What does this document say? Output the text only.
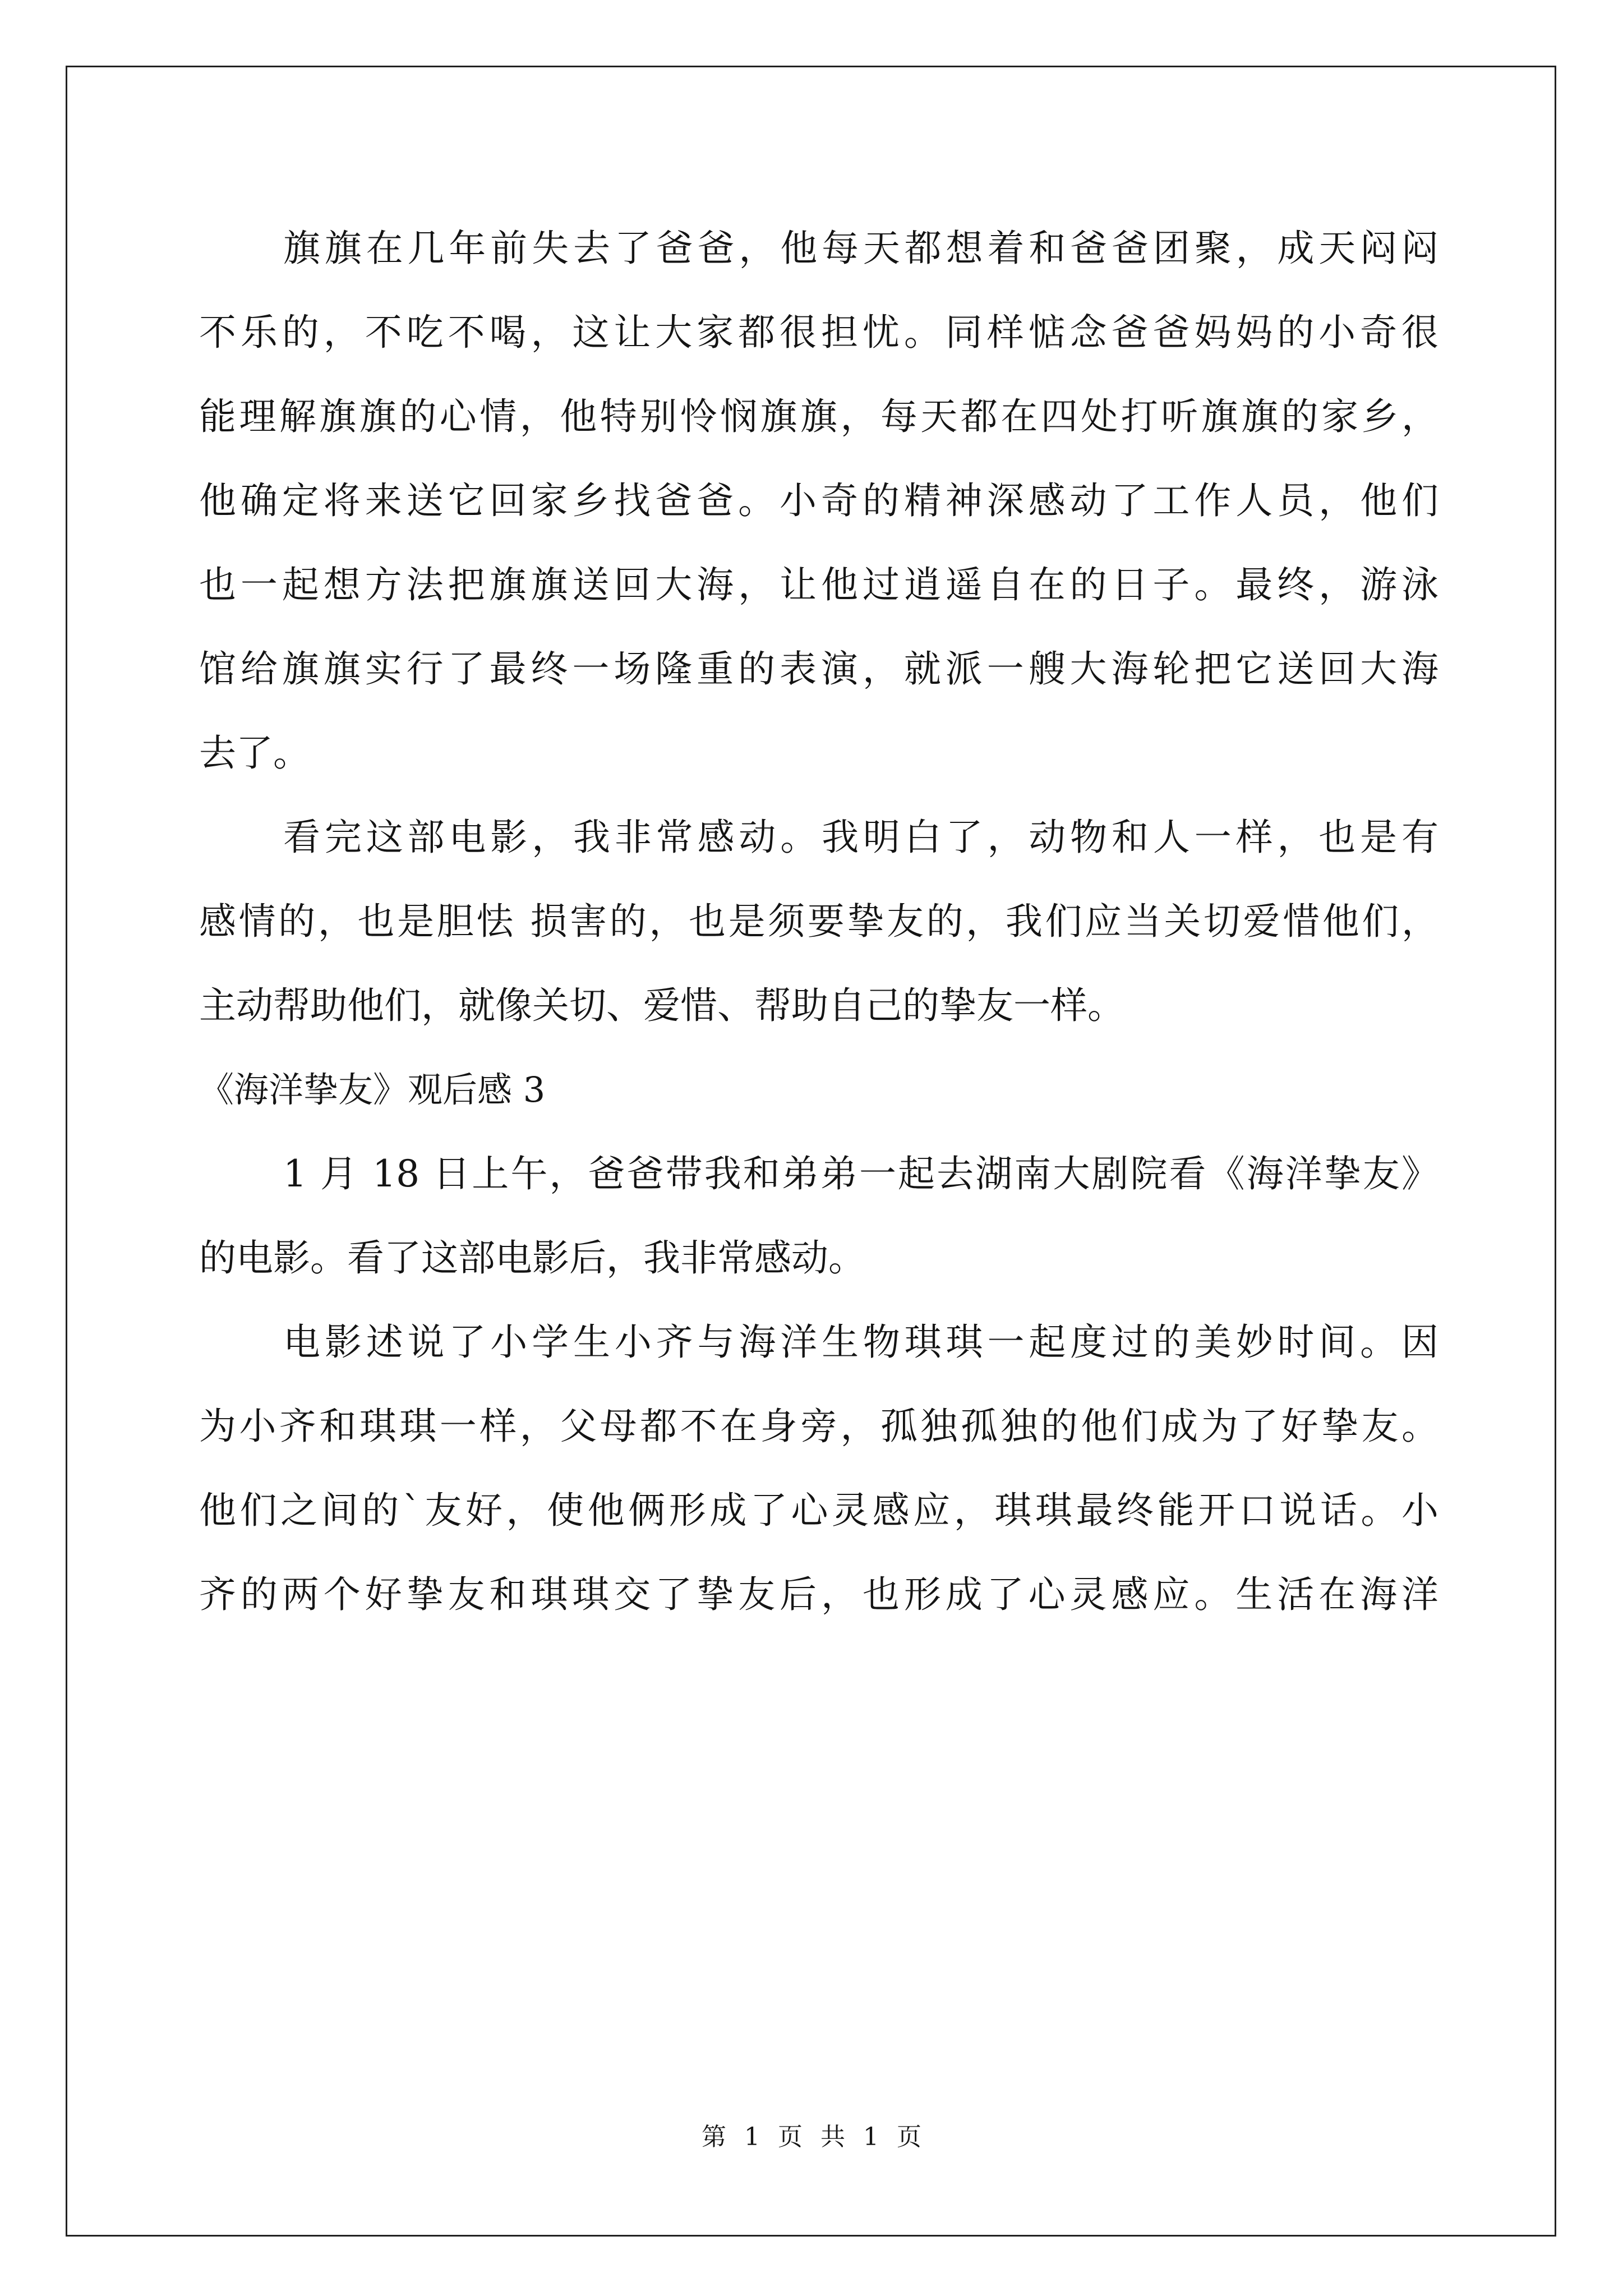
旗旗在几年前失去了爸爸，他每天都想着和爸爸团聚，成天闷闷
不乐的，不吃不喝，这让大家都很担忧。同样惦念爸爸妈妈的小奇很
能理解旗旗的心情，他特别怜悯旗旗，每天都在四处打听旗旗的家乡，
他确定将来送它回家乡找爸爸。小奇的精神深感动了工作人员，他们
也一起想方法把旗旗送回大海，让他过逍遥自在的日子。最终，游泳
馆给旗旗实行了最终一场隆重的表演，就派一艘大海轮把它送回大海
去了。
看完这部电影，我非常感动。我明白了，动物和人一样，也是有
感情的，也是胆怯 损害的，也是须要挚友的，我们应当关切爱惜他们，
主动帮助他们，就像关切、爱惜、帮助自己的挚友一样。
《海洋挚友》观后感 3
1 月 18 日上午，爸爸带我和弟弟一起去湖南大剧院看《海洋挚友》
的电影。看了这部电影后，我非常感动。
电影述说了小学生小齐与海洋生物琪琪一起度过的美妙时间。因
为小齐和琪琪一样，父母都不在身旁，孤独孤独的他们成为了好挚友。
他们之间的`友好，使他俩形成了心灵感应，琪琪最终能开口说话。小
齐的两个好挚友和琪琪交了挚友后，也形成了心灵感应。生活在海洋
第 1 页 共 1 页
